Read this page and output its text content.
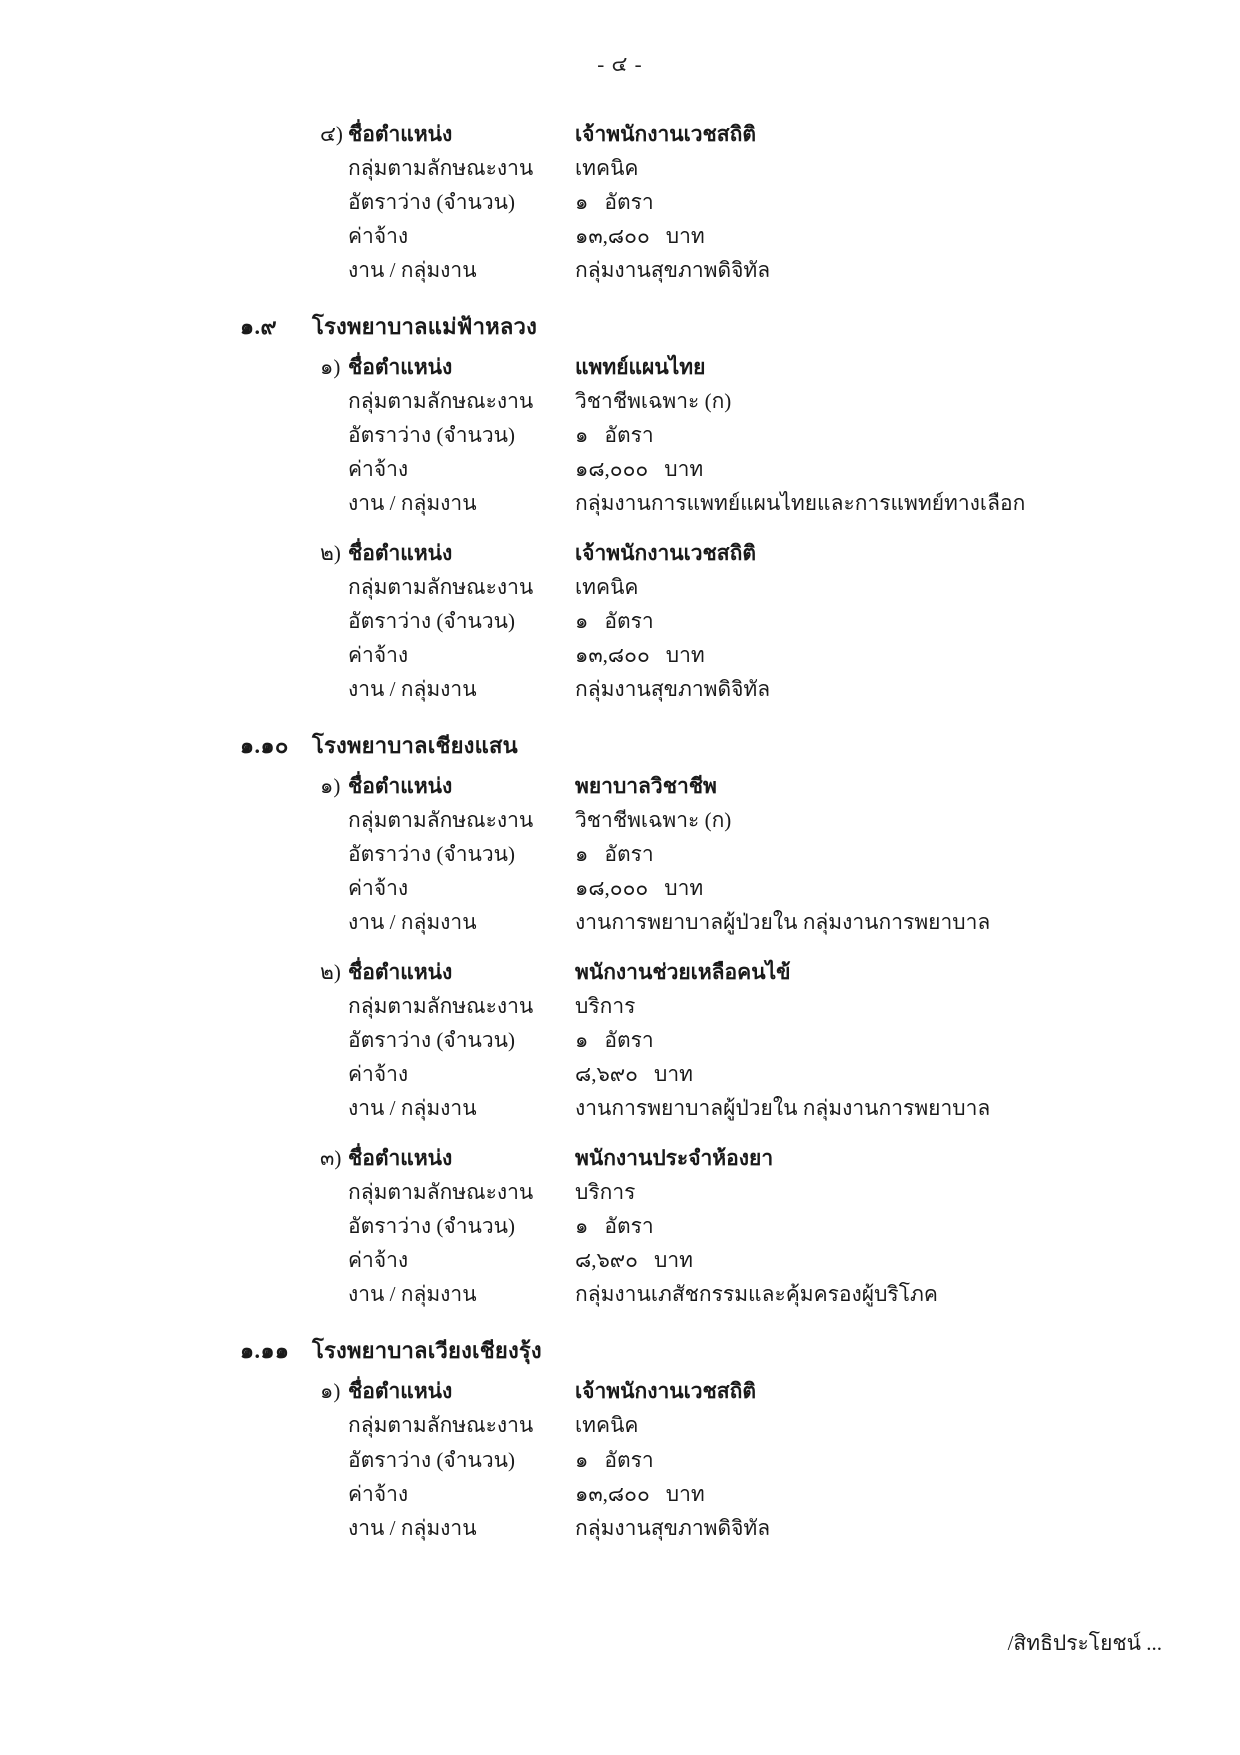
- ๔ -
๔) ชื่อตำแหน่ง	เจ้าพนักงานเวชสถิติ
กลุ่มตามลักษณะงาน	เทคนิค
อัตราว่าง (จำนวน)	๑ อัตรา
ค่าจ้าง	๑๓,๘๐๐ บาท
งาน / กลุ่มงาน	กลุ่มงานสุขภาพดิจิทัล
๑.๙	โรงพยาบาลแม่ฟ้าหลวง
๑) ชื่อตำแหน่ง	แพทย์แผนไทย
กลุ่มตามลักษณะงาน	วิชาชีพเฉพาะ (ก)
อัตราว่าง (จำนวน)	๑ อัตรา
ค่าจ้าง	๑๘,๐๐๐ บาท
งาน / กลุ่มงาน	กลุ่มงานการแพทย์แผนไทยและการแพทย์ทางเลือก
๒) ชื่อตำแหน่ง	เจ้าพนักงานเวชสถิติ
กลุ่มตามลักษณะงาน	เทคนิค
อัตราว่าง (จำนวน)	๑ อัตรา
ค่าจ้าง	๑๓,๘๐๐ บาท
งาน / กลุ่มงาน	กลุ่มงานสุขภาพดิจิทัล
๑.๑๐	โรงพยาบาลเชียงแสน
๑) ชื่อตำแหน่ง	พยาบาลวิชาชีพ
กลุ่มตามลักษณะงาน	วิชาชีพเฉพาะ (ก)
อัตราว่าง (จำนวน)	๑ อัตรา
ค่าจ้าง	๑๘,๐๐๐ บาท
งาน / กลุ่มงาน	งานการพยาบาลผู้ป่วยใน กลุ่มงานการพยาบาล
๒) ชื่อตำแหน่ง	พนักงานช่วยเหลือคนไข้
กลุ่มตามลักษณะงาน	บริการ
อัตราว่าง (จำนวน)	๑ อัตรา
ค่าจ้าง	๘,๖๙๐ บาท
งาน / กลุ่มงาน	งานการพยาบาลผู้ป่วยใน กลุ่มงานการพยาบาล
๓) ชื่อตำแหน่ง	พนักงานประจำห้องยา
กลุ่มตามลักษณะงาน	บริการ
อัตราว่าง (จำนวน)	๑ อัตรา
ค่าจ้าง	๘,๖๙๐ บาท
งาน / กลุ่มงาน	กลุ่มงานเภสัชกรรมและคุ้มครองผู้บริโภค
๑.๑๑	โรงพยาบาลเวียงเชียงรุ้ง
๑) ชื่อตำแหน่ง	เจ้าพนักงานเวชสถิติ
กลุ่มตามลักษณะงาน	เทคนิค
อัตราว่าง (จำนวน)	๑ อัตรา
ค่าจ้าง	๑๓,๘๐๐ บาท
งาน / กลุ่มงาน	กลุ่มงานสุขภาพดิจิทัล
/สิทธิประโยชน์ ...
